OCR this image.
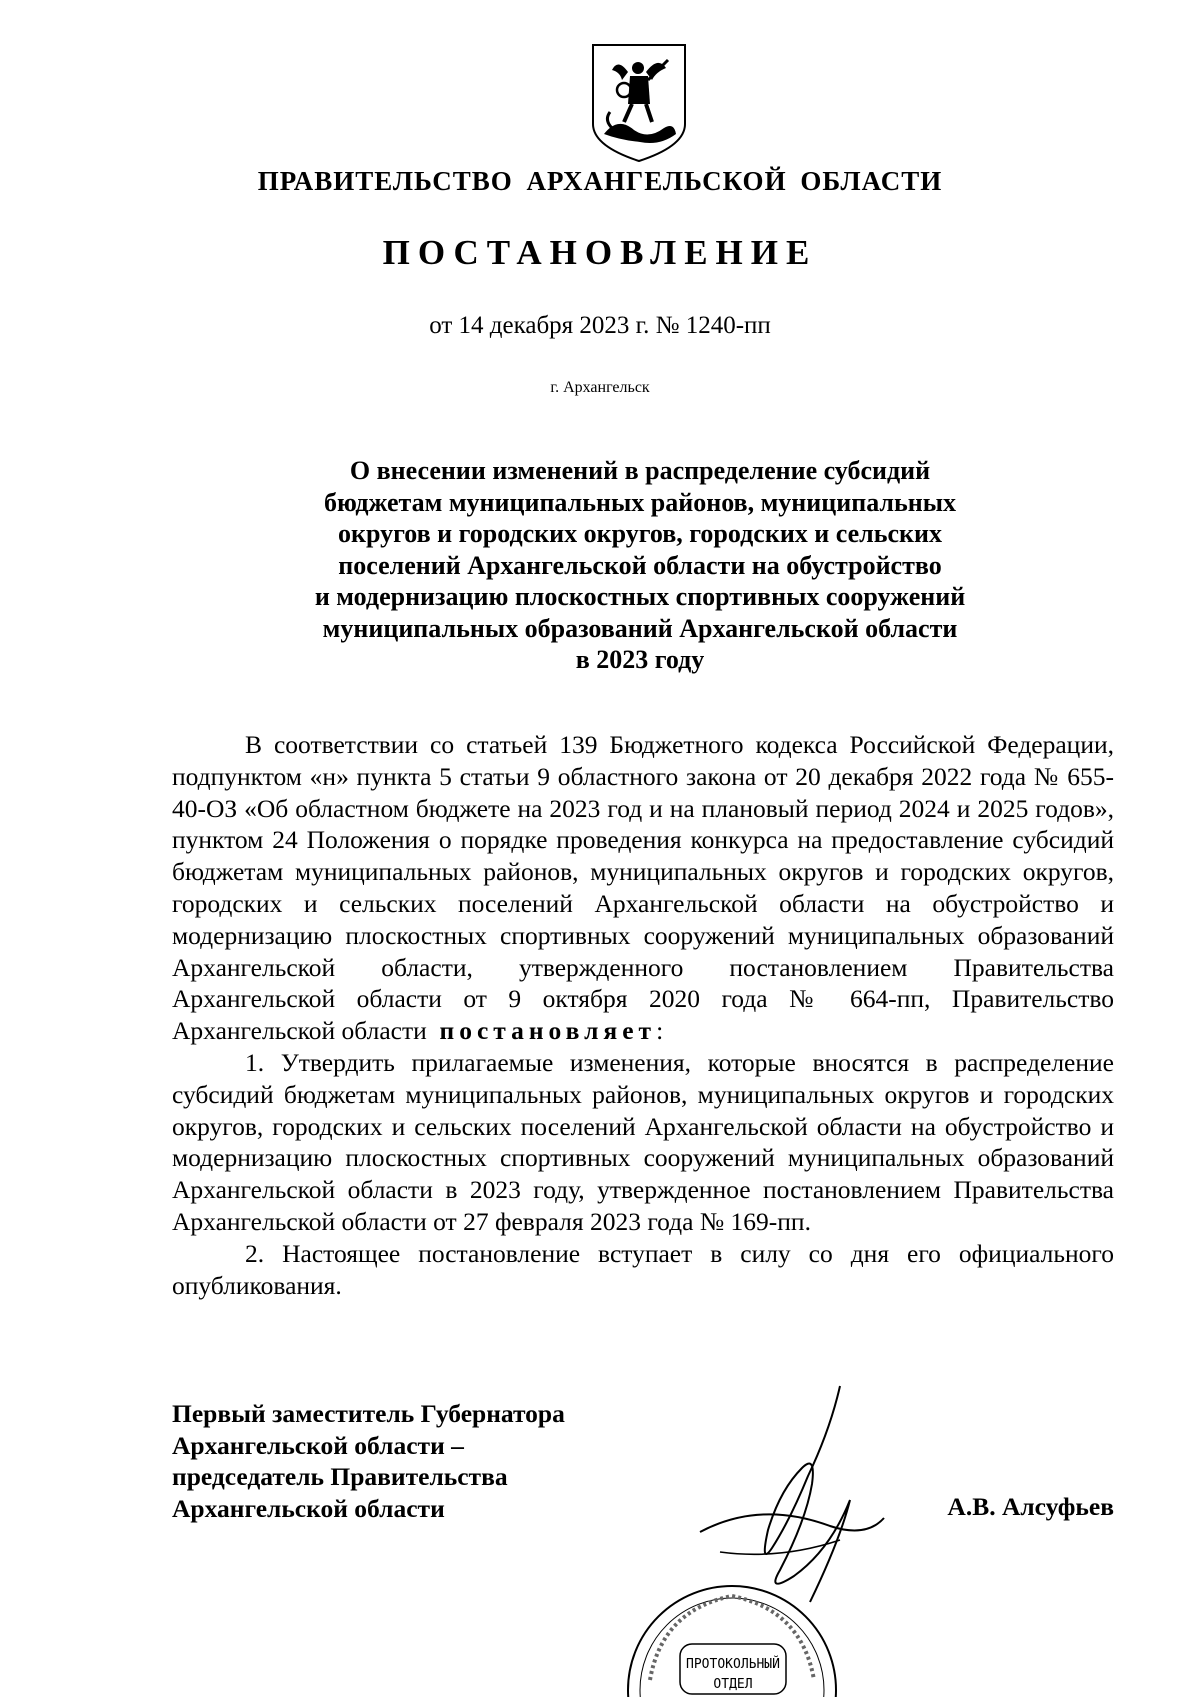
ПРАВИТЕЛЬСТВО АРХАНГЕЛЬСКОЙ ОБЛАСТИ
ПОСТАНОВЛЕНИЕ
от 14 декабря 2023 г. № 1240-пп
г. Архангельск
О внесении изменений в распределение субсидий
бюджетам муниципальных районов, муниципальных
округов и городских округов, городских и сельских
поселений Архангельской области на обустройство
и модернизацию плоскостных спортивных сооружений
муниципальных образований Архангельской области
в 2023 году

В соответствии со статьей 139 Бюджетного кодекса Российской Федерации, подпунктом «н» пункта 5 статьи 9 областного закона от 20 декабря 2022 года № 655-40-ОЗ «Об областном бюджете на 2023 год и на плановый период 2024 и 2025 годов», пунктом 24 Положения о порядке проведения конкурса на предоставление субсидий бюджетам муниципальных районов, муниципальных округов и городских округов, городских и сельских поселений Архангельской области на обустройство и модернизацию плоскостных спортивных сооружений муниципальных образований Архангельской области, утвержденного постановлением Правительства Архангельской области от 9 октября 2020 года № 664-пп, Правительство Архангельской области постановляет:

1. Утвердить прилагаемые изменения, которые вносятся в распределение субсидий бюджетам муниципальных районов, муниципальных округов и городских округов, городских и сельских поселений Архангельской области на обустройство и модернизацию плоскостных спортивных сооружений муниципальных образований Архангельской области в 2023 году, утвержденное постановлением Правительства Архангельской области от 27 февраля 2023 года № 169-пп.

2. Настоящее постановление вступает в силу со дня его официального опубликования.

Первый заместитель Губернатора
Архангельской области –
председатель Правительства
Архангельской области	А.В. Алсуфьев
ПРОТОКОЛЬНЫЙ
ОТДЕЛ
